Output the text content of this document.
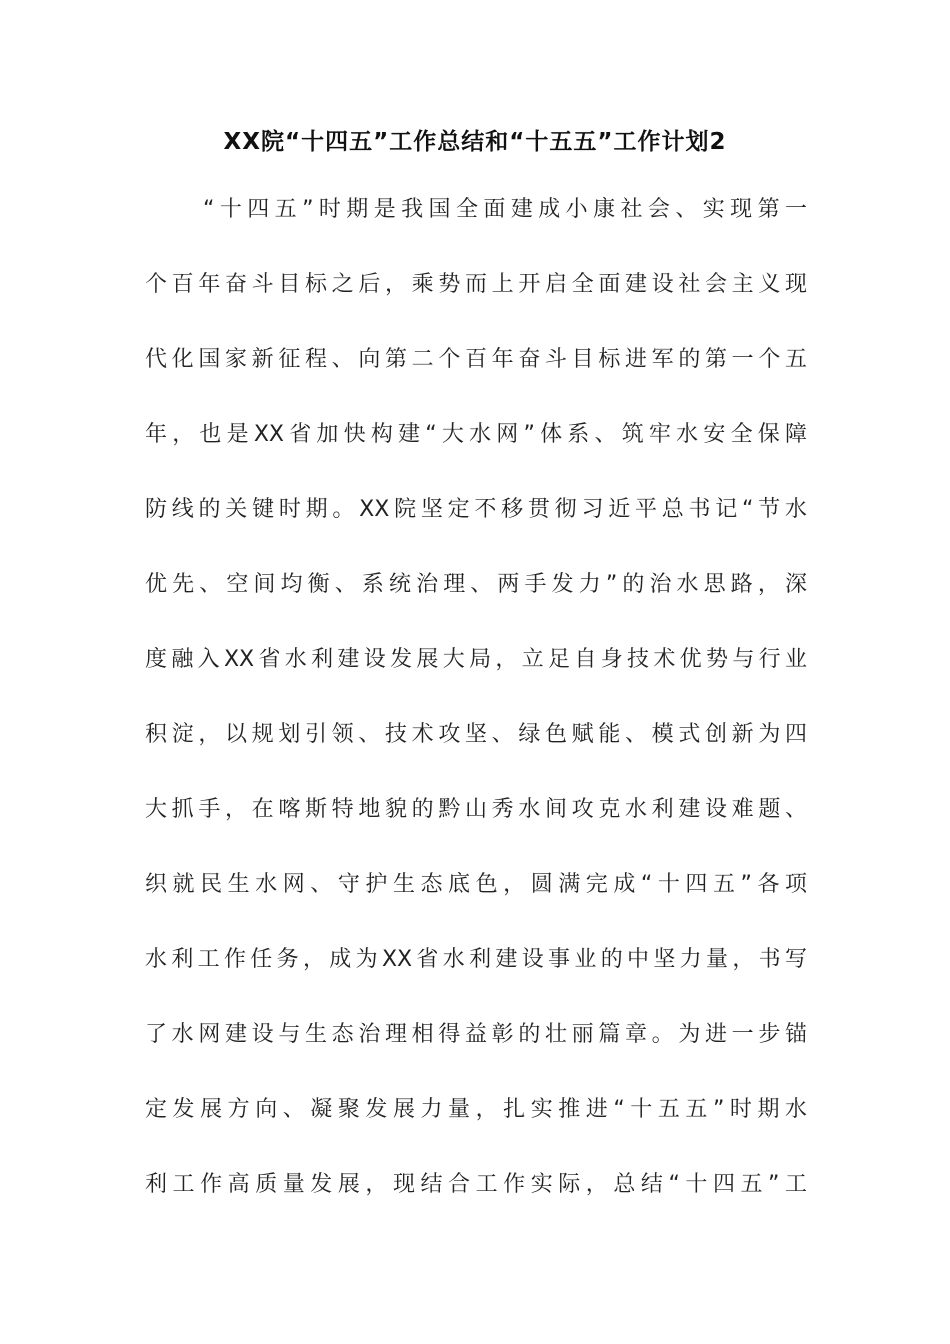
XX院“十四五”工作总结和“十五五”工作计划2
“十四五”时期是我国全面建成小康社会、实现第一
个百年奋斗目标之后，乘势而上开启全面建设社会主义现
代化国家新征程、向第二个百年奋斗目标进军的第一个五
年，也是XX省加快构建“大水网”体系、筑牢水安全保障
防线的关键时期。XX院坚定不移贯彻习近平总书记“节水
优先、空间均衡、系统治理、两手发力”的治水思路，深
度融入XX省水利建设发展大局，立足自身技术优势与行业
积淀，以规划引领、技术攻坚、绿色赋能、模式创新为四
大抓手，在喀斯特地貌的黔山秀水间攻克水利建设难题、
织就民生水网、守护生态底色，圆满完成“十四五”各项
水利工作任务，成为XX省水利建设事业的中坚力量，书写
了水网建设与生态治理相得益彰的壮丽篇章。为进一步锚
定发展方向、凝聚发展力量，扎实推进“十五五”时期水
利工作高质量发展，现结合工作实际，总结“十四五”工
